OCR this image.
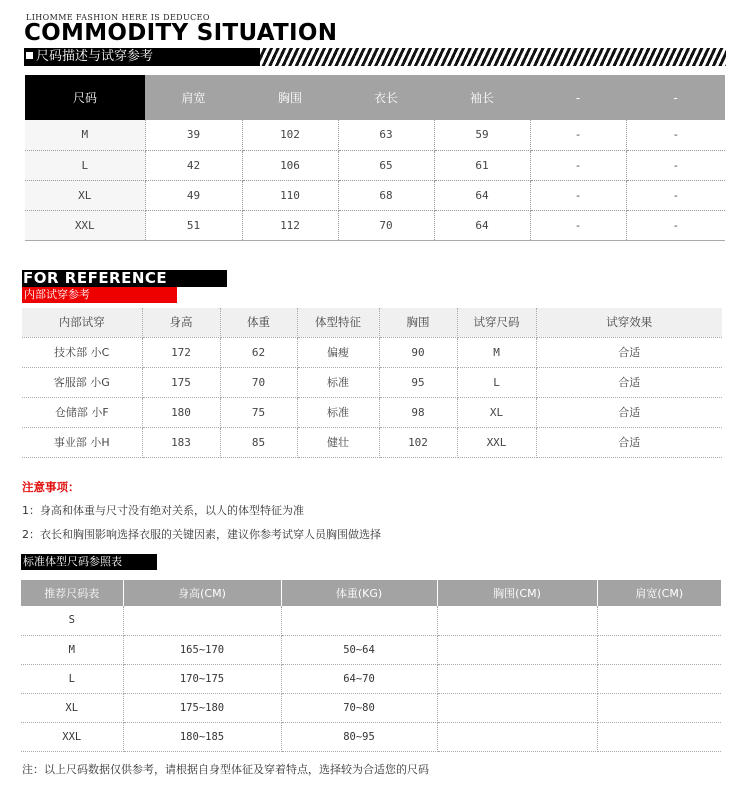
LIHOMME FASHION HERE IS DEDUCEO
COMMODITY SITUATION
尺码描述与试穿参考
尺码	肩宽	胸围	衣长	袖长	-	-
M	39	102	63	59	-	-
L	42	106	65	61	-	-
XL	49	110	68	64	-	-
XXL	51	112	70	64	-	-
FOR REFERENCE
内部试穿参考
内部试穿	身高	体重	体型特征	胸围	试穿尺码	试穿效果
技术部 小C	172	62	偏瘦	90	M	合适
客服部 小G	175	70	标准	95	L	合适
仓储部 小F	180	75	标准	98	XL	合适
事业部 小H	183	85	健壮	102	XXL	合适
注意事项：
1：身高和体重与尺寸没有绝对关系，以人的体型特征为准
2：衣长和胸围影响选择衣服的关键因素，建议你参考试穿人员胸围做选择
标准体型尺码参照表
推荐尺码表	身高(CM)	体重(KG)	胸围(CM)	肩宽(CM)
S				
M	165~170	50~64		
L	170~175	64~70		
XL	175~180	70~80		
XXL	180~185	80~95		
注：以上尺码数据仅供参考，请根据自身型体征及穿着特点，选择较为合适您的尺码
